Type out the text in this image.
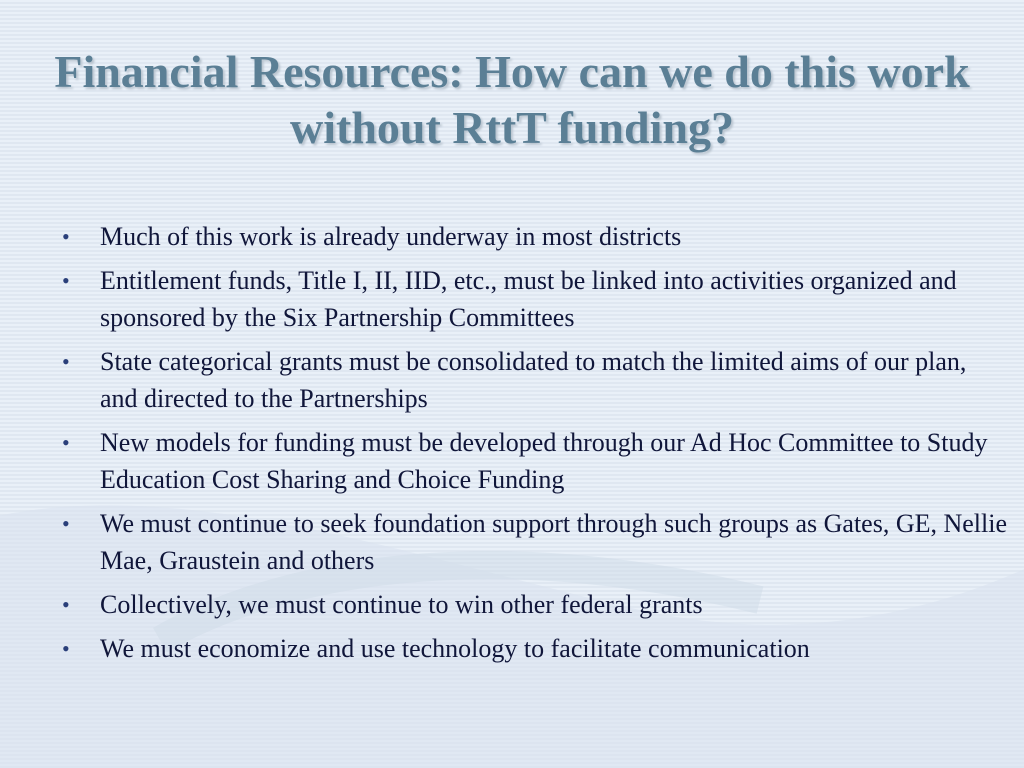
Financial Resources: How can we do this work without RttT funding?
• Much of this work is already underway in most districts
• Entitlement funds, Title I, II, IID, etc., must be linked into activities organized and sponsored by the Six Partnership Committees
• State categorical grants must be consolidated to match the limited aims of our plan, and directed to the Partnerships
• New models for funding must be developed through our Ad Hoc Committee to Study Education Cost Sharing and Choice Funding
• We must continue to seek foundation support through such groups as Gates, GE, Nellie Mae, Graustein and others
• Collectively, we must continue to win other federal grants
• We must economize and use technology to facilitate communication
